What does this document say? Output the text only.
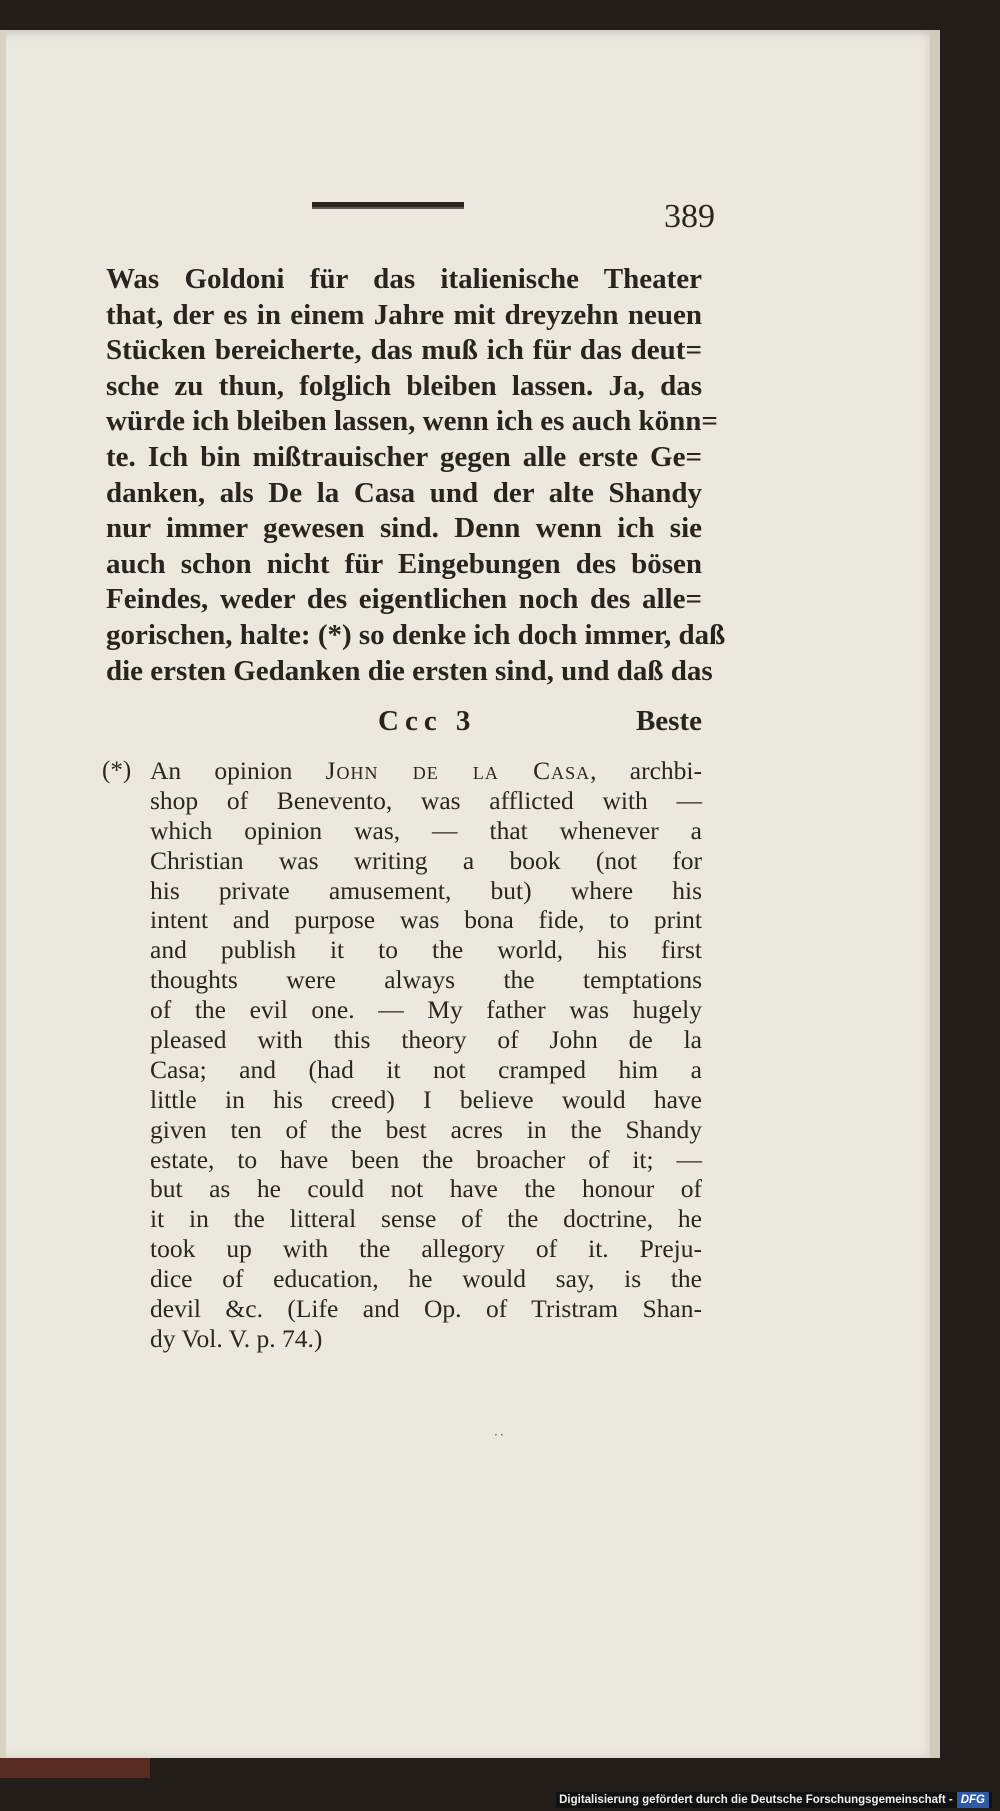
389
Was Goldoni für das italienische Theater
that, der es in einem Jahre mit dreyzehn neuen
Stücken bereicherte, das muß ich für das deut=
sche zu thun, folglich bleiben lassen. Ja, das
würde ich bleiben lassen, wenn ich es auch könn=
te. Ich bin mißtrauischer gegen alle erste Ge=
danken, als De la Casa und der alte Shandy
nur immer gewesen sind. Denn wenn ich sie
auch schon nicht für Eingebungen des bösen
Feindes, weder des eigentlichen noch des alle=
gorischen, halte: (*) so denke ich doch immer, daß
die ersten Gedanken die ersten sind, und daß das
Ccc 3	Beste
(*) An opinion John de la Casa, archbi-
shop of Benevento, was afflicted with —
which opinion was, — that whenever a
Christian was writing a book (not for
his private amusement, but) where his
intent and purpose was bona fide, to print
and publish it to the world, his first
thoughts were always the temptations
of the evil one. — My father was hugely
pleased with this theory of John de la
Casa; and (had it not cramped him a
little in his creed) I believe would have
given ten of the best acres in the Shandy
estate, to have been the broacher of it; —
but as he could not have the honour of
it in the litteral sense of the doctrine, he
took up with the allegory of it. Preju-
dice of education, he would say, is the
devil &c. (Life and Op. of Tristram Shan-
dy Vol. V. p. 74.)
··
Digitalisierung gefördert durch die Deutsche Forschungsgemeinschaft - DFG
